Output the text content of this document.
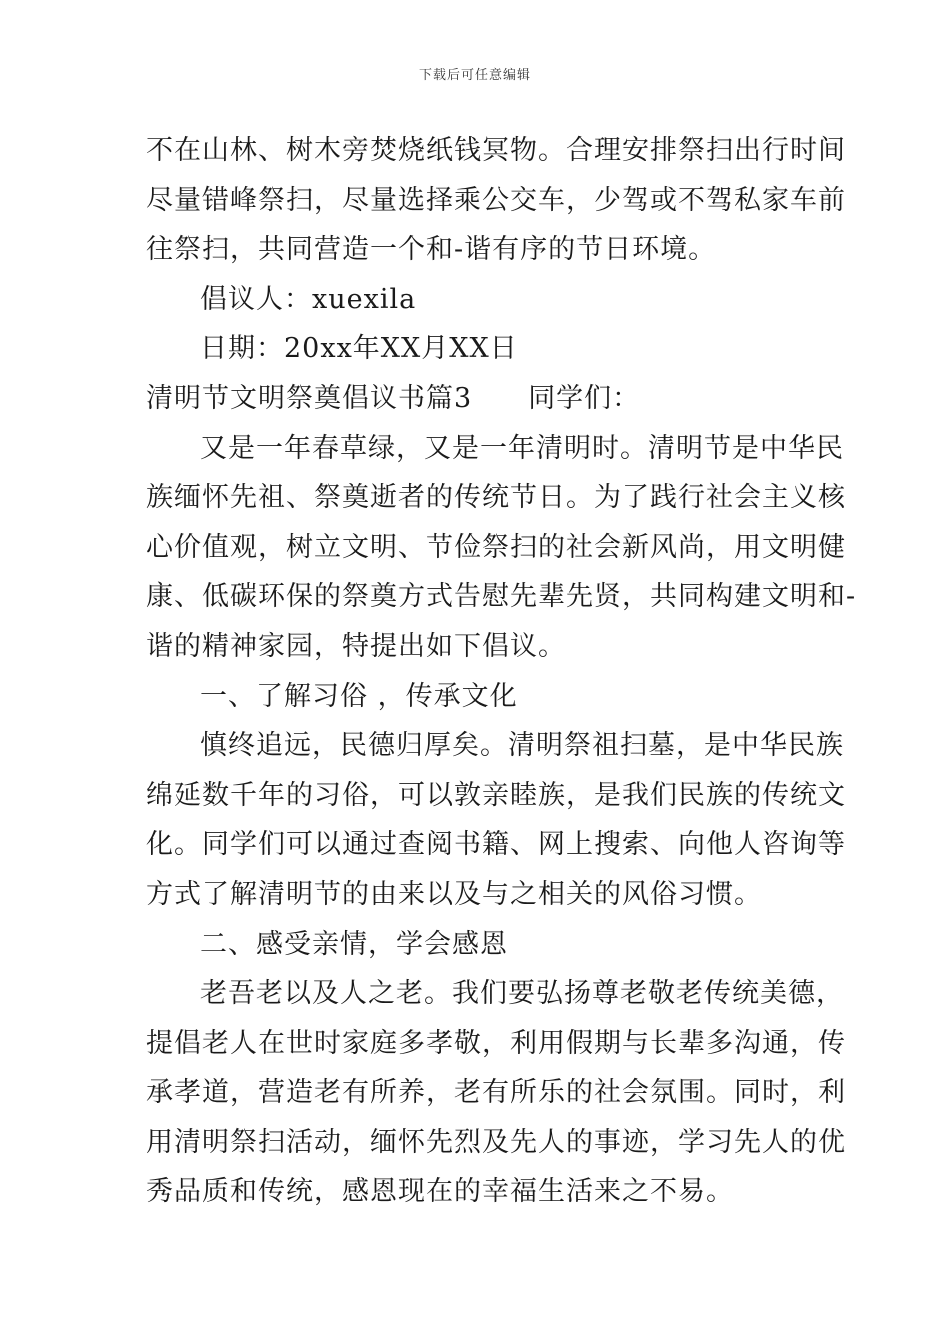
下载后可任意编辑
不在山林、树木旁焚烧纸钱冥物。合理安排祭扫出行时间
尽量错峰祭扫，尽量选择乘公交车，少驾或不驾私家车前
往祭扫，共同营造一个和-谐有序的节日环境。
倡议人：xuexila
日期：20xx年XX月XX日
清明节文明祭奠倡议书篇3 同学们：
又是一年春草绿，又是一年清明时。清明节是中华民
族缅怀先祖、祭奠逝者的传统节日。为了践行社会主义核
心价值观，树立文明、节俭祭扫的社会新风尚，用文明健
康、低碳环保的祭奠方式告慰先辈先贤，共同构建文明和-
谐的精神家园，特提出如下倡议。
一、了解习俗 ，传承文化
慎终追远，民德归厚矣。清明祭祖扫墓，是中华民族
绵延数千年的习俗，可以敦亲睦族，是我们民族的传统文
化。同学们可以通过查阅书籍、网上搜索、向他人咨询等
方式了解清明节的由来以及与之相关的风俗习惯。
二、感受亲情，学会感恩
老吾老以及人之老。我们要弘扬尊老敬老传统美德，
提倡老人在世时家庭多孝敬，利用假期与长辈多沟通，传
承孝道，营造老有所养，老有所乐的社会氛围。同时，利
用清明祭扫活动，缅怀先烈及先人的事迹，学习先人的优
秀品质和传统，感恩现在的幸福生活来之不易。
